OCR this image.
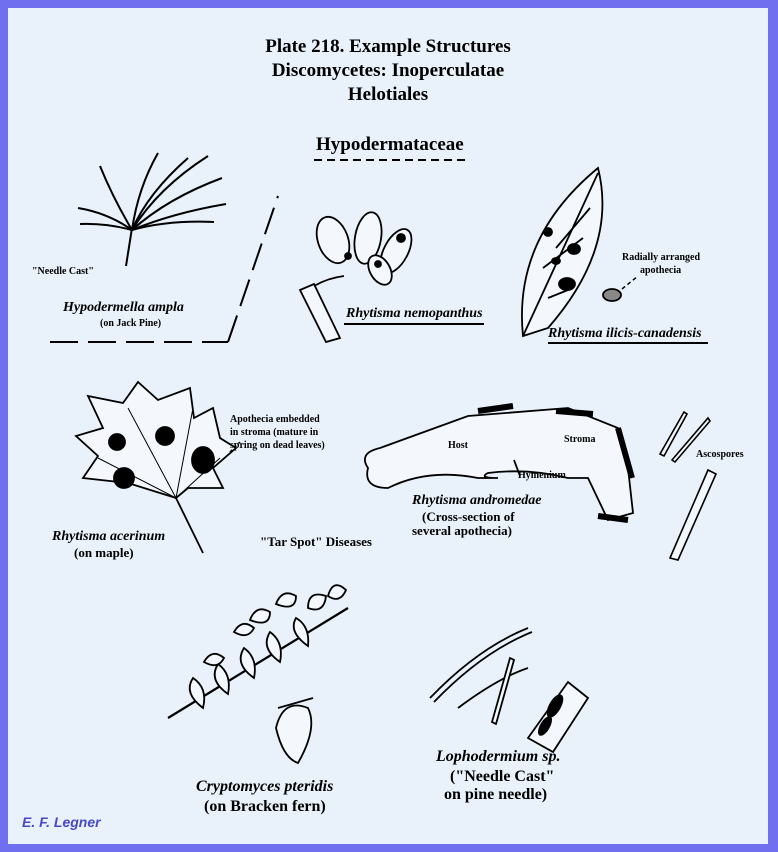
Plate 218. Example Structures
Discomycetes: Inoperculatae
Helotiales
Hypodermataceae
"Needle Cast"
Hypodermella ampla
(on Jack Pine)
Rhytisma nemopanthus
Radially arranged
apothecia
Rhytisma ilicis-canadensis
Apothecia embedded
in stroma (mature in
spring on dead leaves)
Rhytisma acerinum
(on maple)
"Tar Spot" Diseases
Host
Stroma
Hymenium
Ascospores
Rhytisma andromedae
(Cross-section of
several apothecia)
Cryptomyces pteridis
(on Bracken fern)
Lophodermium sp.
("Needle Cast"
on pine needle)
E. F. Legner
